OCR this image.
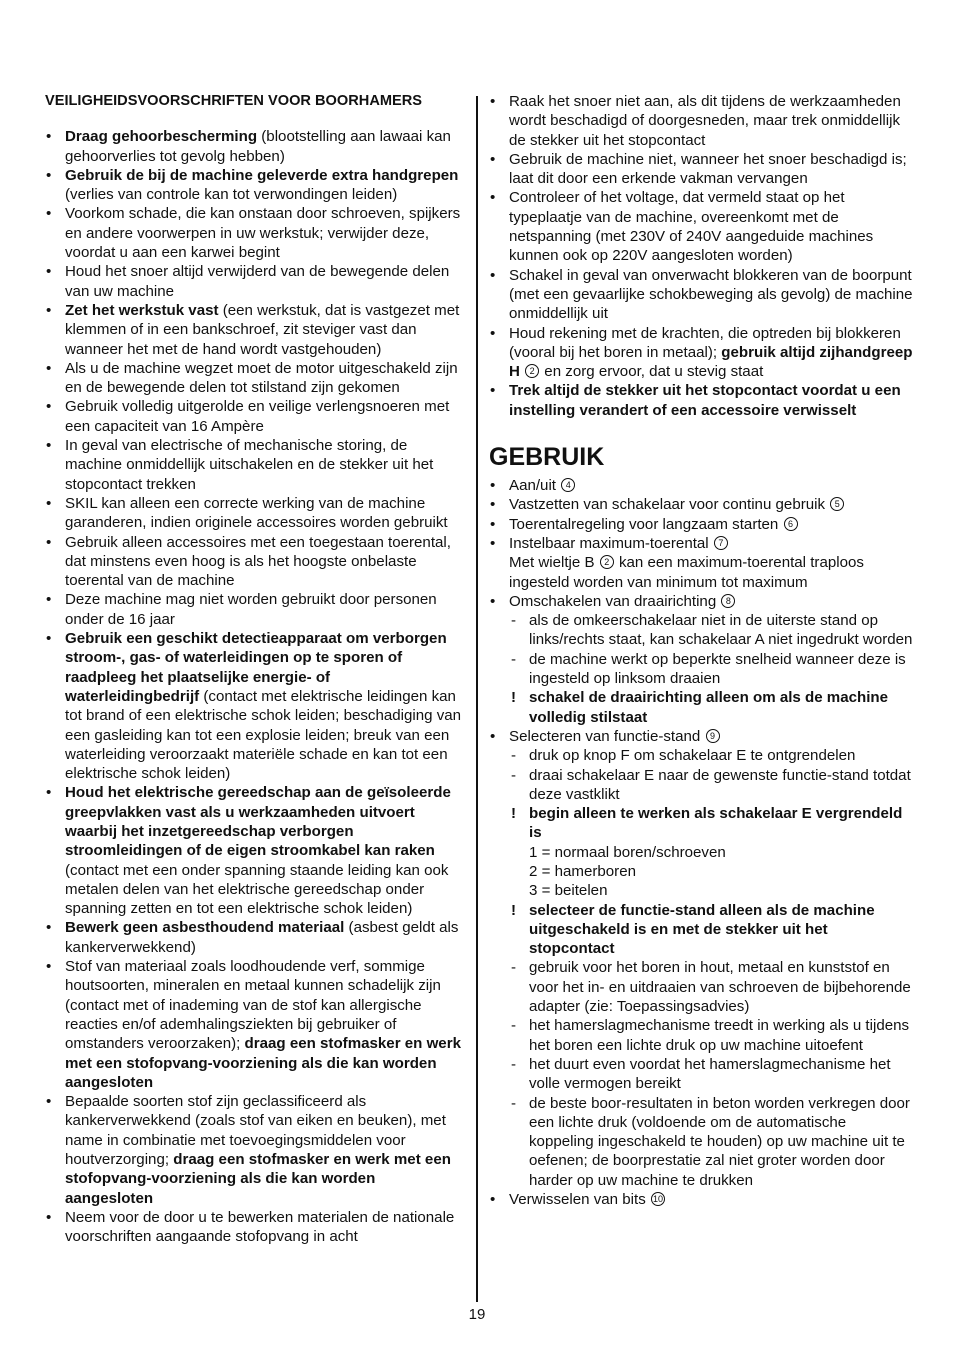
VEILIGHEIDSVOORSCHRIFTEN VOOR BOORHAMERS
• Draag gehoorbescherming (blootstelling aan lawaai kan gehoorverlies tot gevolg hebben)
• Gebruik de bij de machine geleverde extra handgrepen (verlies van controle kan tot verwondingen leiden)
• Voorkom schade, die kan onstaan door schroeven, spijkers en andere voorwerpen in uw werkstuk; verwijder deze, voordat u aan een karwei begint
• Houd het snoer altijd verwijderd van de bewegende delen van uw machine
• Zet het werkstuk vast (een werkstuk, dat is vastgezet met klemmen of in een bankschroef, zit steviger vast dan wanneer het met de hand wordt vastgehouden)
• Als u de machine wegzet moet de motor uitgeschakeld zijn en de bewegende delen tot stilstand zijn gekomen
• Gebruik volledig uitgerolde en veilige verlengsnoeren met een capaciteit van 16 Ampère
• In geval van electrische of mechanische storing, de machine onmiddellijk uitschakelen en de stekker uit het stopcontact trekken
• SKIL kan alleen een correcte werking van de machine garanderen, indien originele accessoires worden gebruikt
• Gebruik alleen accessoires met een toegestaan toerental, dat minstens even hoog is als het hoogste onbelaste toerental van de machine
• Deze machine mag niet worden gebruikt door personen onder de 16 jaar
• Gebruik een geschikt detectieapparaat om verborgen stroom-, gas- of waterleidingen op te sporen of raadpleeg het plaatselijke energie- of waterleidingbedrijf (contact met elektrische leidingen kan tot brand of een elektrische schok leiden; beschadiging van een gasleiding kan tot een explosie leiden; breuk van een waterleiding veroorzaakt materiële schade en kan tot een elektrische schok leiden)
• Houd het elektrische gereedschap aan de geïsoleerde greepvlakken vast als u werkzaamheden uitvoert waarbij het inzetgereedschap verborgen stroomleidingen of de eigen stroomkabel kan raken (contact met een onder spanning staande leiding kan ook metalen delen van het elektrische gereedschap onder spanning zetten en tot een elektrische schok leiden)
• Bewerk geen asbesthoudend materiaal (asbest geldt als kankerverwekkend)
• Stof van materiaal zoals loodhoudende verf, sommige houtsoorten, mineralen en metaal kunnen schadelijk zijn (contact met of inademing van de stof kan allergische reacties en/of ademhalingsziekten bij gebruiker of omstanders veroorzaken); draag een stofmasker en werk met een stofopvang-voorziening als die kan worden aangesloten
• Bepaalde soorten stof zijn geclassificeerd als kankerverwekkend (zoals stof van eiken en beuken), met name in combinatie met toevoegingsmiddelen voor houtverzorging; draag een stofmasker en werk met een stofopvang-voorziening als die kan worden aangesloten
• Neem voor de door u te bewerken materialen de nationale voorschriften aangaande stofopvang in acht
• Raak het snoer niet aan, als dit tijdens de werkzaamheden wordt beschadigd of doorgesneden, maar trek onmiddellijk de stekker uit het stopcontact
• Gebruik de machine niet, wanneer het snoer beschadigd is; laat dit door een erkende vakman vervangen
• Controleer of het voltage, dat vermeld staat op het typeplaatje van de machine, overeenkomt met de netspanning (met 230V of 240V aangeduide machines kunnen ook op 220V aangesloten worden)
• Schakel in geval van onverwacht blokkeren van de boorpunt (met een gevaarlijke schokbeweging als gevolg) de machine onmiddellijk uit
• Houd rekening met de krachten, die optreden bij blokkeren (vooral bij het boren in metaal); gebruik altijd zijhandgreep H 2 en zorg ervoor, dat u stevig staat
• Trek altijd de stekker uit het stopcontact voordat u een instelling verandert of een accessoire verwisselt
GEBRUIK
• Aan/uit 4
• Vastzetten van schakelaar voor continu gebruik 5
• Toerentalregeling voor langzaam starten 6
• Instelbaar maximum-toerental 7
Met wieltje B 2 kan een maximum-toerental traploos ingesteld worden van minimum tot maximum
• Omschakelen van draairichting 8
- als de omkeerschakelaar niet in de uiterste stand op links/rechts staat, kan schakelaar A niet ingedrukt worden
- de machine werkt op beperkte snelheid wanneer deze is ingesteld op linksom draaien
! schakel de draairichting alleen om als de machine volledig stilstaat
• Selecteren van functie-stand 9
- druk op knop F om schakelaar E te ontgrendelen
- draai schakelaar E naar de gewenste functie-stand totdat deze vastklikt
! begin alleen te werken als schakelaar E vergrendeld is
1 = normaal boren/schroeven
2 = hamerboren
3 = beitelen
! selecteer de functie-stand alleen als de machine uitgeschakeld is en met de stekker uit het stopcontact
- gebruik voor het boren in hout, metaal en kunststof en voor het in- en uitdraaien van schroeven de bijbehorende adapter (zie: Toepassingsadvies)
- het hamerslagmechanisme treedt in werking als u tijdens het boren een lichte druk op uw machine uitoefent
- het duurt even voordat het hamerslagmechanisme het volle vermogen bereikt
- de beste boor-resultaten in beton worden verkregen door een lichte druk (voldoende om de automatische koppeling ingeschakeld te houden) op uw machine uit te oefenen; de boorprestatie zal niet groter worden door harder op uw machine te drukken
• Verwisselen van bits 10
19
